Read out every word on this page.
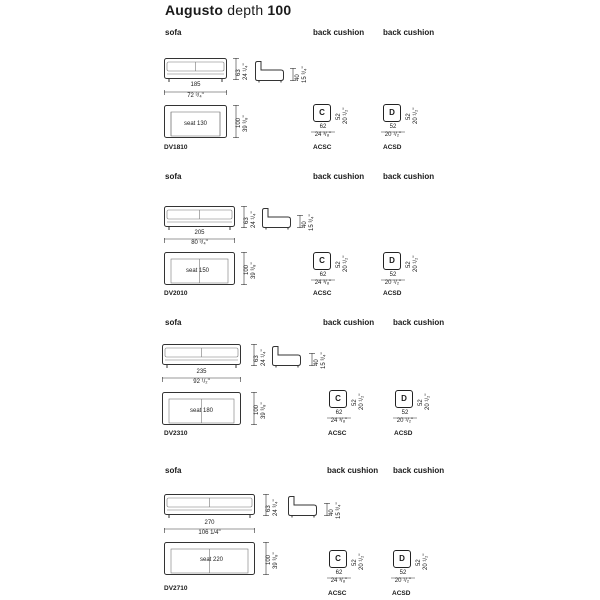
Augusto depth 100
sofa	back cushion back cushion
63 24 ¹/₄"	40 15 ³/₄"
185
72 ³/₄"
seat 130	100 39 ³/₈"
DV1810
C	52 20 ¹/₂"
62
24 ³/₈"
ACSC
D	52 20 ¹/₂"
52
20 ¹/₂"
ACSD
sofa	back cushion back cushion
63 24 ¹/₄"	40 15 ³/₄"
205
80 ³/₄"
seat 150	100 39 ³/₈"
DV2010
C	52 20 ¹/₂"
62
24 ³/₈"
ACSC
D	52 20 ¹/₂"
52
20 ¹/₂"
ACSD
sofa	back cushion back cushion
63 24 ¹/₄"	40 15 ³/₄"
235
92 ¹/₂"
seat 180	100 39 ³/₈"
DV2310
C	52 20 ¹/₂"
62
24 ³/₈"
ACSC
D	52 20 ¹/₂"
52
20 ¹/₂"
ACSD
sofa	back cushion back cushion
63 24 ³/₄"	40 15 ³/₄"
270
106 1/4"
seat 220	100 39 ³/₈"
DV2710
C	52 20 ¹/₂"
62
24 ³/₈"
ACSC
D	52 20 ¹/₂"
52
20 ¹/₂"
ACSD
